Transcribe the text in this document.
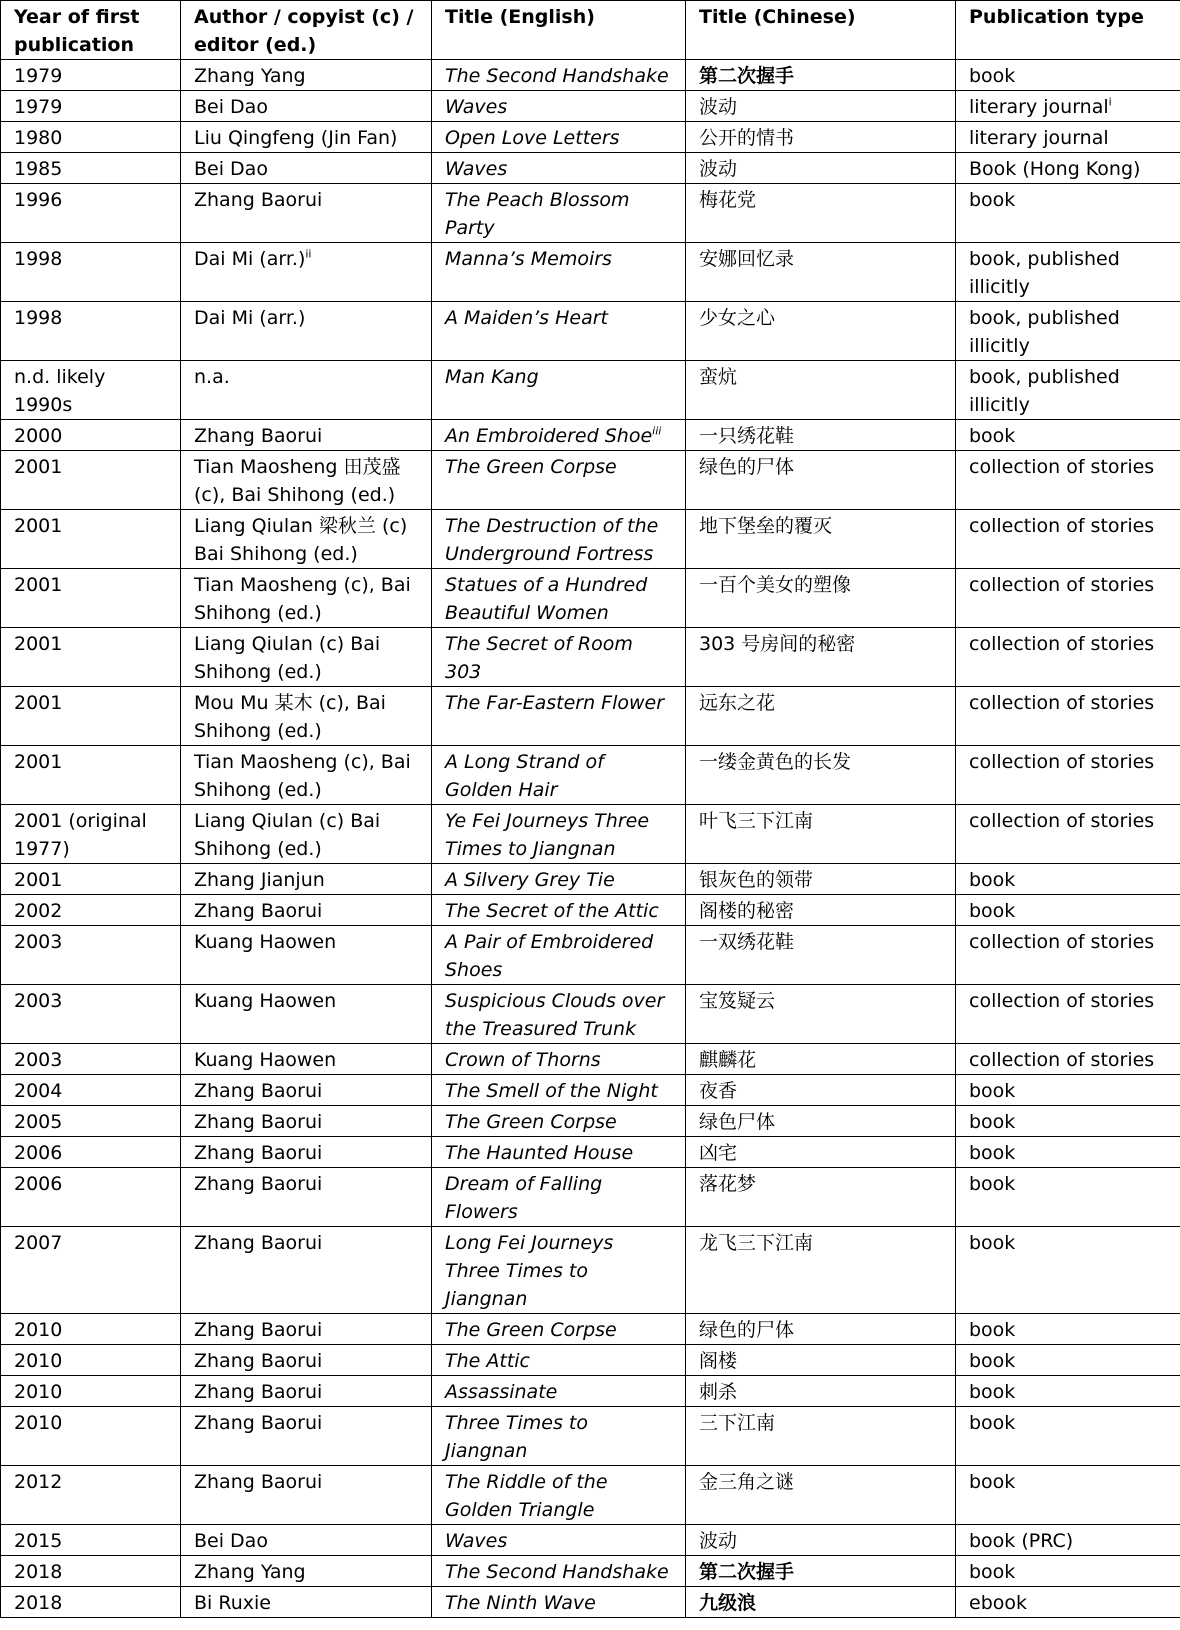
Year of first publication	Author / copyist (c) / editor (ed.)	Title (English)	Title (Chinese)	Publication type
1979	Zhang Yang	The Second Handshake	第二次握手	book
1979	Bei Dao	Waves	波动	literary journal$^i$
1980	Liu Qingfeng (Jin Fan)	Open Love Letters	公开的情书	literary journal
1985	Bei Dao	Waves	波动	Book (Hong Kong)
1996	Zhang Baorui	The Peach Blossom Party	梅花党	book
1998	Dai Mi $(arr.)^{ii}$	Manna’s Memoirs	安娜回忆录	book, published illicitly
1998	Dai Mi (arr.)	A Maiden’s Heart	少女之心	book, published illicitly
n.d. likely 1990s	n.a.	Man Kang	蛮炕	book, published illicitly
2000	Zhang Baorui	An Embroidered Shoe$^{iii}$	一只绣花鞋	book
2001	Tian Maosheng 田茂盛 (c), Bai Shihong (ed.)	The Green Corpse	绿色的尸体	collection of stories
2001	Liang Qiulan 梁秋兰 (c) Bai Shihong (ed.)	The Destruction of the Underground Fortress	地下堡垒的覆灭	collection of stories
2001	Tian Maosheng (c), Bai Shihong (ed.)	Statues of a Hundred Beautiful Women	一百个美女的塑像	collection of stories
2001	Liang Qiulan (c) Bai Shihong (ed.)	The Secret of Room 303	303 号房间的秘密	collection of stories
2001	Mou Mu 某木 (c), Bai Shihong (ed.)	The Far-Eastern Flower	远东之花	collection of stories
2001	Tian Maosheng (c), Bai Shihong (ed.)	A Long Strand of Golden Hair	一缕金黄色的长发	collection of stories
2001 (original 1977)	Liang Qiulan (c) Bai Shihong (ed.)	Ye Fei Journeys Three Times to Jiangnan	叶飞三下江南	collection of stories
2001	Zhang Jianjun	A Silvery Grey Tie	银灰色的领带	book
2002	Zhang Baorui	The Secret of the Attic	阁楼的秘密	book
2003	Kuang Haowen	A Pair of Embroidered Shoes	一双绣花鞋	collection of stories
2003	Kuang Haowen	Suspicious Clouds over the Treasured Trunk	宝笈疑云	collection of stories
2003	Kuang Haowen	Crown of Thorns	麒麟花	collection of stories
2004	Zhang Baorui	The Smell of the Night	夜香	book
2005	Zhang Baorui	The Green Corpse	绿色尸体	book
2006	Zhang Baorui	The Haunted House	凶宅	book
2006	Zhang Baorui	Dream of Falling Flowers	落花梦	book
2007	Zhang Baorui	Long Fei Journeys Three Times to Jiangnan	龙飞三下江南	book
2010	Zhang Baorui	The Green Corpse	绿色的尸体	book
2010	Zhang Baorui	The Attic	阁楼	book
2010	Zhang Baorui	Assassinate	刺杀	book
2010	Zhang Baorui	Three Times to Jiangnan	三下江南	book
2012	Zhang Baorui	The Riddle of the Golden Triangle	金三角之谜	book
2015	Bei Dao	Waves	波动	book (PRC)
2018	Zhang Yang	The Second Handshake	第二次握手	book
2018	Bi Ruxie	The Ninth Wave	九级浪	ebook
